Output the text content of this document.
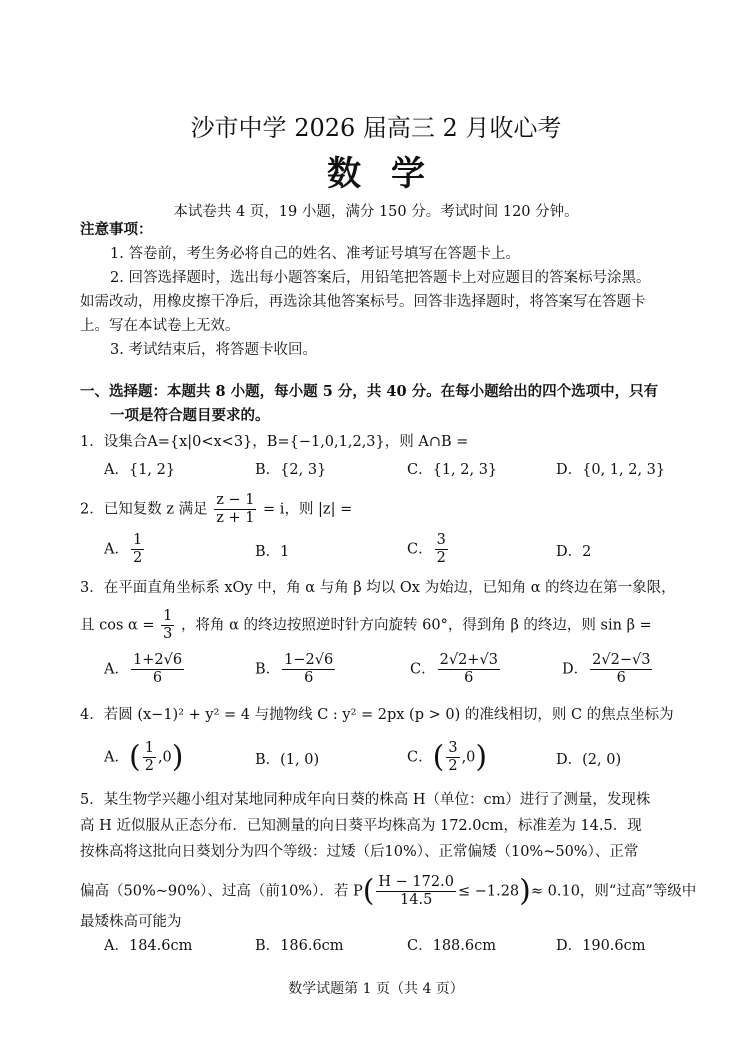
沙市中学 2026 届高三 2 月收心考
数学
本试卷共 4 页，19 小题，满分 150 分。考试时间 120 分钟。
注意事项：
1. 答卷前，考生务必将自己的姓名、准考证号填写在答题卡上。
2. 回答选择题时，选出每小题答案后，用铅笔把答题卡上对应题目的答案标号涂黑。
如需改动，用橡皮擦干净后，再选涂其他答案标号。回答非选择题时，将答案写在答题卡
上。写在本试卷上无效。
3. 考试结束后，将答题卡收回。
一、选择题：本题共 8 小题，每小题 5 分，共 40 分。在每小题给出的四个选项中，只有
一项是符合题目要求的。
1．设集合A={x|0<x<3}，B={−1,0,1,2,3}，则 A∩B =
A．{1, 2}	B．{2, 3}	C．{1, 2, 3}	D．{0, 1, 2, 3}
2．已知复数 z 满足 $\frac{z - 1}{z + 1} = i$，则 |z| =
A． $\frac{1}{2}$	B．1	C． $\frac{3}{2}$	D．2
3．在平面直角坐标系 xOy 中，角 α 与角 β 均以 Ox 为始边，已知角 α 的终边在第一象限，
且 $\cos \alpha = \frac{1}{3}$ ，将角 α 的终边按照逆时针方向旋转 60°，得到角 β 的终边，则 sin β =
A． $\frac{1+2√6}{6}$	B． $\frac{1-2√6}{6}$	C． $\frac{2√2+√3}{6}$	D． $\frac{2√2-√3}{6}$
4．若圆 (x−1)² + y² = 4 与抛物线 C : y² = 2px (p > 0) 的准线相切，则 C 的焦点坐标为
A．( $\frac{1}{2} ,0$)	B．(1, 0)	C．( $\frac{3}{2} ,0$)	D．(2, 0)
5．某生物学兴趣小组对某地同种成年向日葵的株高 H（单位：cm）进行了测量，发现株
高 H 近似服从正态分布．已知测量的向日葵平均株高为 172.0cm，标准差为 14.5．现
按株高将这批向日葵划分为四个等级：过矮（后10%）、正常偏矮（10%~50%）、正常
偏高（50%~90%）、过高（前10%）．若 $P( \frac{H - 172.0}{14.5} \le -1.28)\approx 0.10$，则“过高”等级中
最矮株高可能为
A．184.6cm	B．186.6cm	C．188.6cm	D．190.6cm
数学试题第 1 页（共 4 页）
